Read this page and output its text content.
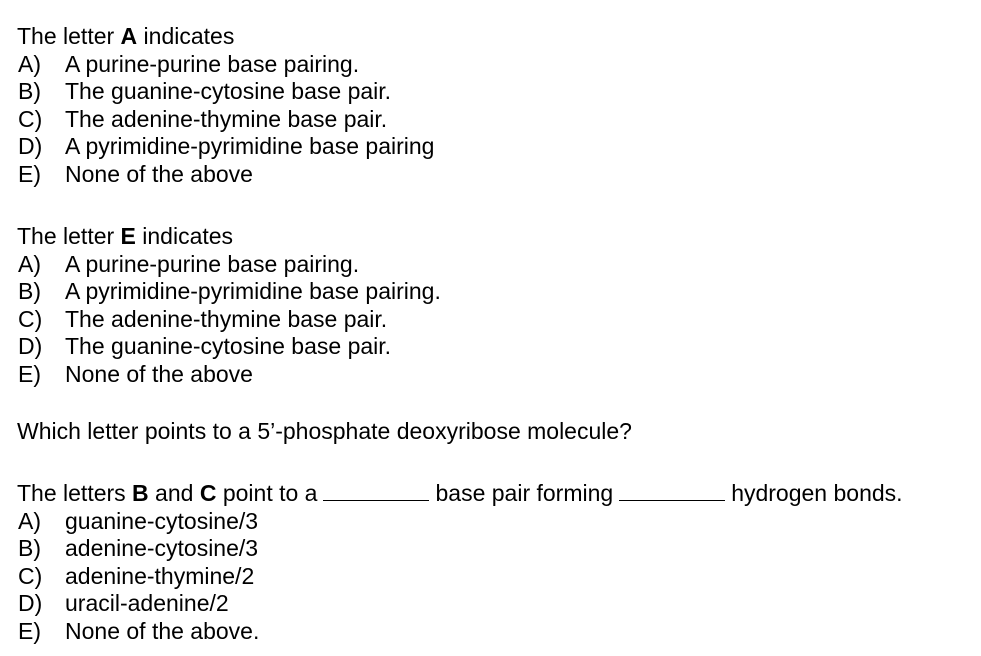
The letter A indicates
A)	A purine-purine base pairing.
B)	The guanine-cytosine base pair.
C) The adenine-thymine base pair.
D) A pyrimidine-pyrimidine base pairing
E)	None of the above
The letter E indicates
A)	A purine-purine base pairing.
B)	A pyrimidine-pyrimidine base pairing.
C) The adenine-thymine base pair.
D) The guanine-cytosine base pair.
E)	None of the above
Which letter points to a 5’-phosphate deoxyribose molecule?
The letters B and C point to a	base pair forming	hydrogen bonds.
A)	guanine-cytosine/3
B)	adenine-cytosine/3
C) adenine-thymine/2
D) uracil-adenine/2
E)	None of the above.
